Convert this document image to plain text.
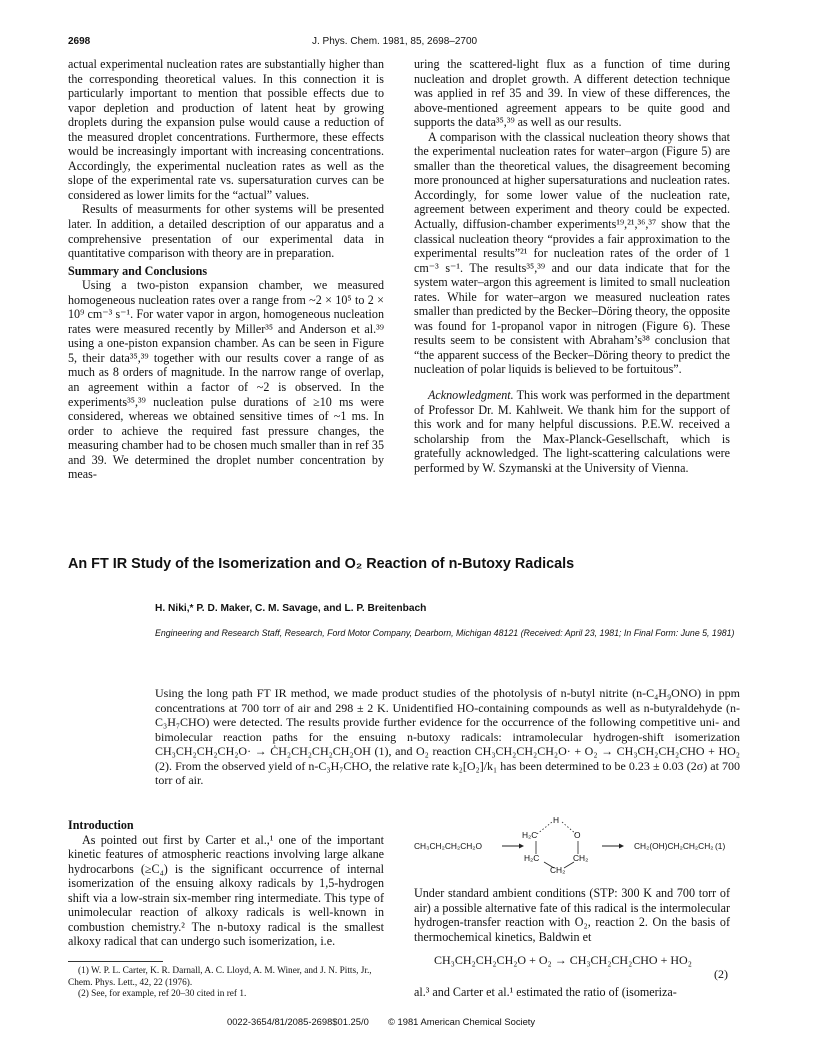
2698	J. Phys. Chem. 1981, 85, 2698–2700

actual experimental nucleation rates are substantially higher than the corresponding theoretical values. In this connection it is particularly important to mention that possible effects due to vapor depletion and production of latent heat by growing droplets during the expansion pulse would cause a reduction of the measured droplet concentrations. Furthermore, these effects would be increasingly important with increasing concentrations. Accordingly, the experimental nucleation rates as well as the slope of the experimental rate vs. supersaturation curves can be considered as lower limits for the “actual” values.

Results of measurments for other systems will be presented later. In addition, a detailed description of our apparatus and a comprehensive presentation of our experimental data in quantitative comparison with theory are in preparation.

Summary and Conclusions

Using a two-piston expansion chamber, we measured homogeneous nucleation rates over a range from ~2 × 10⁵ to 2 × 10⁹ cm⁻³ s⁻¹. For water vapor in argon, homogeneous nucleation rates were measured recently by Miller³⁵ and Anderson et al.³⁹ using a one-piston expansion chamber. As can be seen in Figure 5, their data³⁵,³⁹ together with our results cover a range of as much as 8 orders of magnitude. In the narrow range of overlap, an agreement within a factor of ~2 is observed. In the experiments³⁵,³⁹ nucleation pulse durations of ≥10 ms were considered, whereas we obtained sensitive times of ~1 ms. In order to achieve the required fast pressure changes, the measuring chamber had to be chosen much smaller than in ref 35 and 39. We determined the droplet number concentration by meas-

uring the scattered-light flux as a function of time during nucleation and droplet growth. A different detection technique was applied in ref 35 and 39. In view of these differences, the above-mentioned agreement appears to be quite good and supports the data³⁵,³⁹ as well as our results.

A comparison with the classical nucleation theory shows that the experimental nucleation rates for water–argon (Figure 5) are smaller than the theoretical values, the disagreement becoming more pronounced at higher supersaturations and nucleation rates. Accordingly, for some lower value of the nucleation rate, agreement between experiment and theory could be expected. Actually, diffusion-chamber experiments¹⁹,²¹,³⁶,³⁷ show that the classical nucleation theory “provides a fair approximation to the experimental results”²¹ for nucleation rates of the order of 1 cm⁻³ s⁻¹. The results³⁵,³⁹ and our data indicate that for the system water–argon this agreement is limited to small nucleation rates. While for water–argon we measured nucleation rates smaller than predicted by the Becker–Döring theory, the opposite was found for 1-propanol vapor in nitrogen (Figure 6). These results seem to be consistent with Abraham’s³⁸ conclusion that “the apparent success of the Becker–Döring theory to predict the nucleation of polar liquids is believed to be fortuitous”.

Acknowledgment. This work was performed in the department of Professor Dr. M. Kahlweit. We thank him for the support of this work and for many helpful discussions. P.E.W. received a scholarship from the Max-Planck-Gesellschaft, which is gratefully acknowledged. The light-scattering calculations were performed by W. Szymanski at the University of Vienna.

An FT IR Study of the Isomerization and O₂ Reaction of n-Butoxy Radicals
H. Niki,* P. D. Maker, C. M. Savage, and L. P. Breitenbach
Engineering and Research Staff, Research, Ford Motor Company, Dearborn, Michigan 48121 (Received: April 23, 1981; In Final Form: June 5, 1981)
Using the long path FT IR method, we made product studies of the photolysis of n-butyl nitrite (n-C₄H₉ONO) in ppm concentrations at 700 torr of air and 298 ± 2 K. Unidentified HO-containing compounds as well as n-butyraldehyde (n-C₃H₇CHO) were detected. The results provide further evidence for the occurrence of the following competitive uni- and bimolecular reaction paths for the ensuing n-butoxy radicals: intramolecular hydrogen-shift isomerization CH₃CH₂CH₂CH₂O· → ĊH₂CH₂CH₂CH₂OH (1), and O₂ reaction CH₃CH₂CH₂CH₂O· + O₂ → CH₃CH₂CH₂CHO + HO₂ (2). From the observed yield of n-C₃H₇CHO, the relative rate k₂[O₂]/k₁ has been determined to be 0.23 ± 0.03 (2σ) at 700 torr of air.

Introduction

As pointed out first by Carter et al.,¹ one of the important kinetic features of atmospheric reactions involving large alkane hydrocarbons (≥C₄) is the significant occurrence of internal isomerization of the ensuing alkoxy radicals by 1,5-hydrogen shift via a low-strain six-member ring intermediate. This type of unimolecular reaction of alkoxy radicals is well-known in combustion chemistry.² The n-butoxy radical is the smallest alkoxy radical that can undergo such isomerization, i.e.

(1) W. P. L. Carter, K. R. Darnall, A. C. Lloyd, A. M. Winer, and J. N. Pitts, Jr., Chem. Phys. Lett., 42, 22 (1976).

(2) See, for example, ref 20–30 cited in ref 1.

CH₃CH₂CH₂CH₂O
H
H₂C	O
H₂C	CH₂
CH₂
CH₂(OH)CH₂CH₂CH₂ (1)

Under standard ambient conditions (STP: 300 K and 700 torr of air) a possible alternative fate of this radical is the intermolecular hydrogen-transfer reaction with O₂, reaction 2. On the basis of thermochemical kinetics, Baldwin et

CH₃CH₂CH₂CH₂O + O₂ → CH₃CH₂CH₂CHO + HO₂
(2)
al.³ and Carter et al.¹ estimated the ratio of (isomeriza-
0022-3654/81/2085-2698$01.25/0 © 1981 American Chemical Society
